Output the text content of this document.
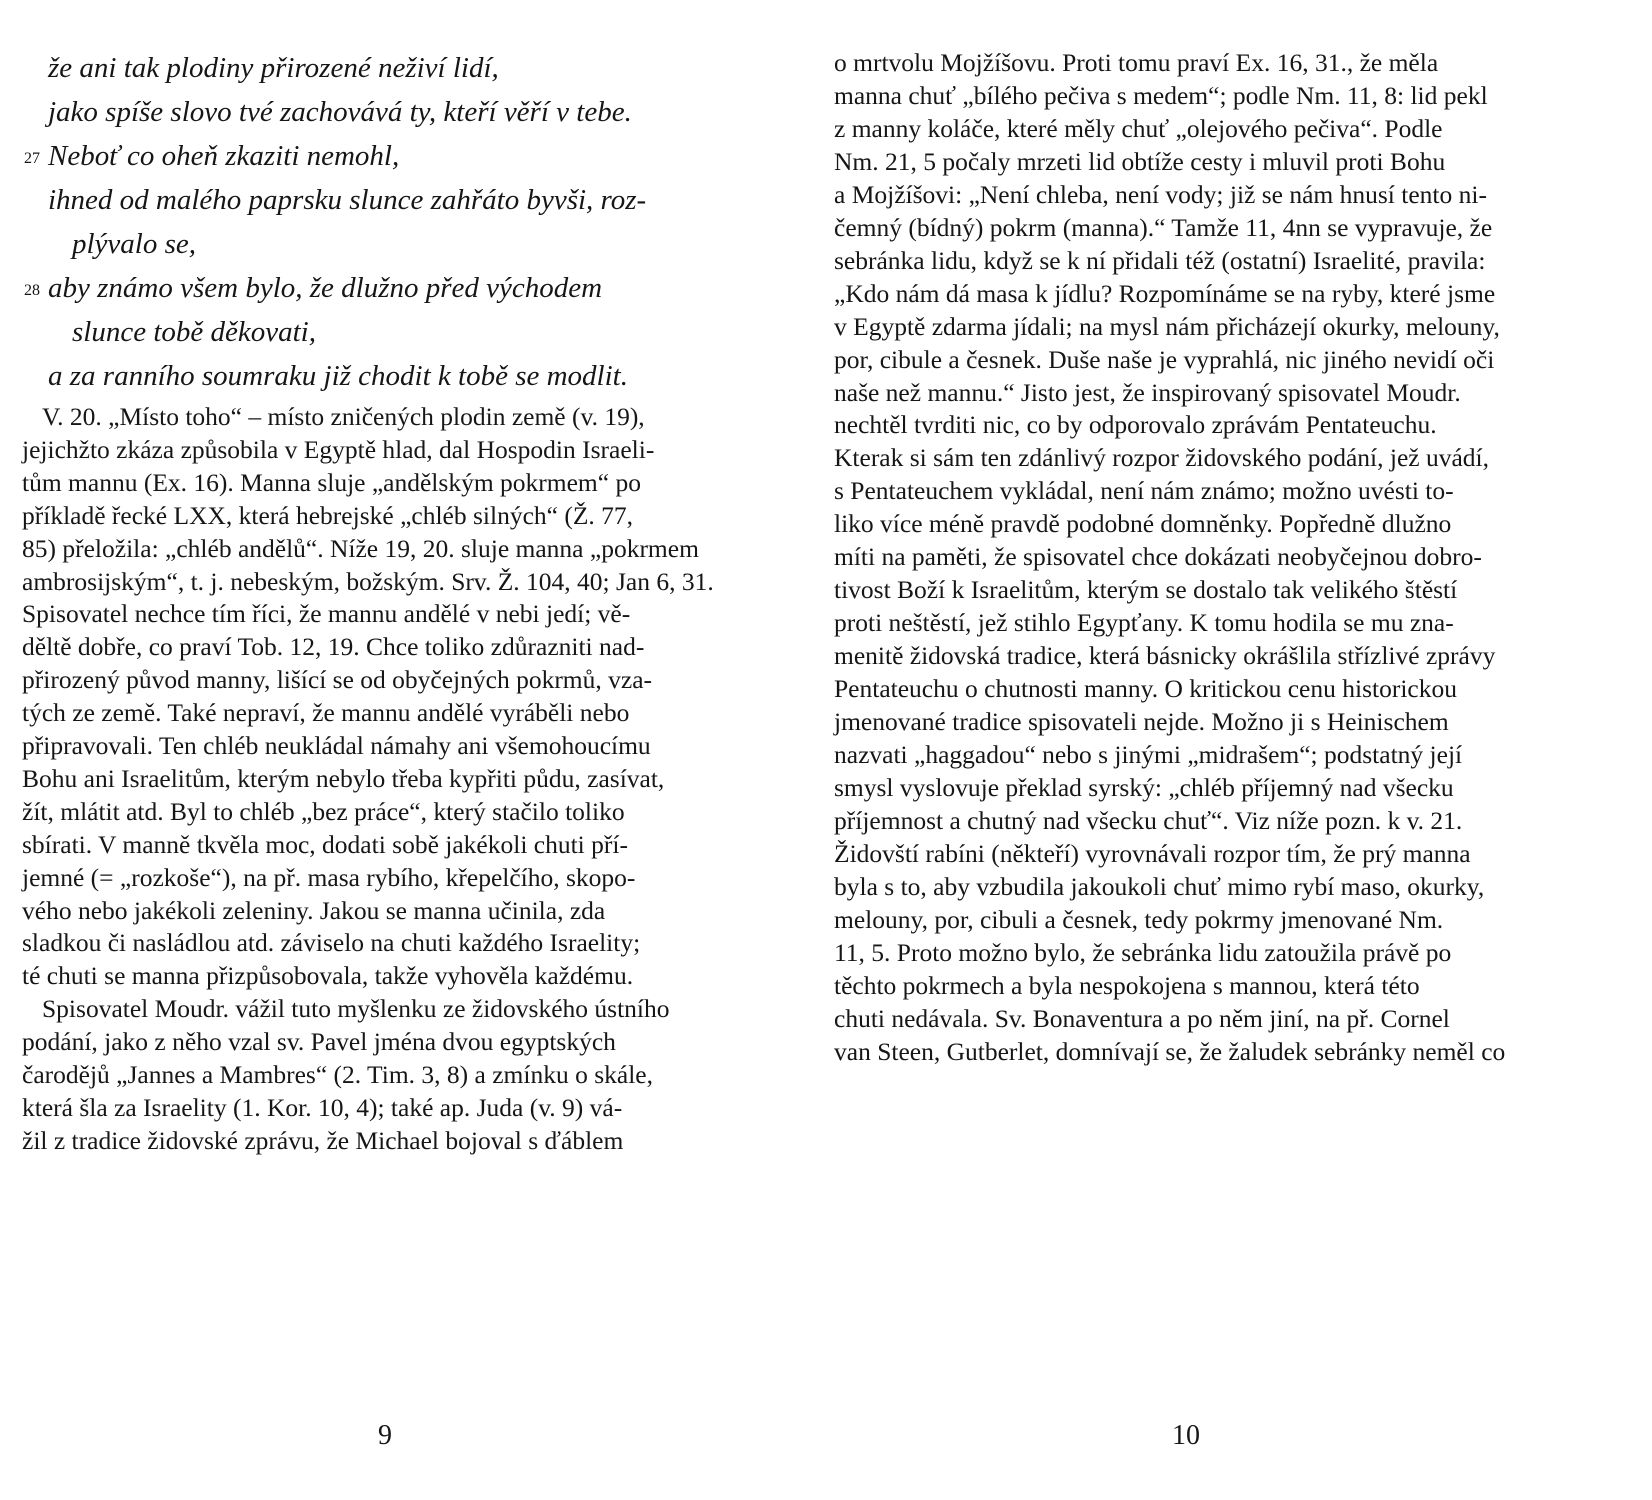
že ani tak plodiny přirozené neživí lidí,
jako spíše slovo tvé zachovává ty, kteří věří v tebe.
27 Neboť co oheň zkaziti nemohl,
ihned od malého paprsku slunce zahřáto byvši, roz-
plývalo se,
28 aby známo všem bylo, že dlužno před východem
slunce tobě děkovati,
a za ranního soumraku již chodit k tobě se modlit.
V. 20. „Místo toho“ – místo zničených plodin země (v. 19),
jejichžto zkáza způsobila v Egyptě hlad, dal Hospodin Israeli-
tům mannu (Ex. 16). Manna sluje „andělským pokrmem“ po
příkladě řecké LXX, která hebrejské „chléb silných“ (Ž. 77,
85) přeložila: „chléb andělů“. Níže 19, 20. sluje manna „pokrmem
ambrosijským“, t. j. nebeským, božským. Srv. Ž. 104, 40; Jan 6, 31.
Spisovatel nechce tím říci, že mannu andělé v nebi jedí; vě-
děltě dobře, co praví Tob. 12, 19. Chce toliko zdůrazniti nad-
přirozený původ manny, lišící se od obyčejných pokrmů, vza-
tých ze země. Také nepraví, že mannu andělé vyráběli nebo
připravovali. Ten chléb neukládal námahy ani všemohoucímu
Bohu ani Israelitům, kterým nebylo třeba kypřiti půdu, zasívat,
žít, mlátit atd. Byl to chléb „bez práce“, který stačilo toliko
sbírati. V manně tkvěla moc, dodati sobě jakékoli chuti pří-
jemné (= „rozkoše“), na př. masa rybího, křepelčího, skopo-
vého nebo jakékoli zeleniny. Jakou se manna učinila, zda
sladkou či nasládlou atd. záviselo na chuti každého Israelity;
té chuti se manna přizpůsobovala, takže vyhověla každému.
Spisovatel Moudr. vážil tuto myšlenku ze židovského ústního
podání, jako z něho vzal sv. Pavel jména dvou egyptských
čarodějů „Jannes a Mambres“ (2. Tim. 3, 8) a zmínku o skále,
která šla za Israelity (1. Kor. 10, 4); také ap. Juda (v. 9) vá-
žil z tradice židovské zprávu, že Michael bojoval s ďáblem
9
o mrtvolu Mojžíšovu. Proti tomu praví Ex. 16, 31., že měla
manna chuť „bílého pečiva s medem“; podle Nm. 11, 8: lid pekl
z manny koláče, které měly chuť „olejového pečiva“. Podle
Nm. 21, 5 počaly mrzeti lid obtíže cesty i mluvil proti Bohu
a Mojžíšovi: „Není chleba, není vody; již se nám hnusí tento ni-
čemný (bídný) pokrm (manna).“ Tamže 11, 4nn se vypravuje, že
sebránka lidu, když se k ní přidali též (ostatní) Israelité, pravila:
„Kdo nám dá masa k jídlu? Rozpomínáme se na ryby, které jsme
v Egyptě zdarma jídali; na mysl nám přicházejí okurky, melouny,
por, cibule a česnek. Duše naše je vyprahlá, nic jiného nevidí oči
naše než mannu.“ Jisto jest, že inspirovaný spisovatel Moudr.
nechtěl tvrditi nic, co by odporovalo zprávám Pentateuchu.
Kterak si sám ten zdánlivý rozpor židovského podání, jež uvádí,
s Pentateuchem vykládal, není nám známo; možno uvésti to-
liko více méně pravdě podobné domněnky. Popředně dlužno
míti na paměti, že spisovatel chce dokázati neobyčejnou dobro-
tivost Boží k Israelitům, kterým se dostalo tak velikého štěstí
proti neštěstí, jež stihlo Egypťany. K tomu hodila se mu zna-
menitě židovská tradice, která básnicky okrášlila střízlivé zprávy
Pentateuchu o chutnosti manny. O kritickou cenu historickou
jmenované tradice spisovateli nejde. Možno ji s Heinischem
nazvati „haggadou“ nebo s jinými „midrašem“; podstatný její
smysl vyslovuje překlad syrský: „chléb příjemný nad všecku
příjemnost a chutný nad všecku chuť“. Viz níže pozn. k v. 21.
Židovští rabíni (někteří) vyrovnávali rozpor tím, že prý manna
byla s to, aby vzbudila jakoukoli chuť mimo rybí maso, okurky,
melouny, por, cibuli a česnek, tedy pokrmy jmenované Nm.
11, 5. Proto možno bylo, že sebránka lidu zatoužila právě po
těchto pokrmech a byla nespokojena s mannou, která této
chuti nedávala. Sv. Bonaventura a po něm jiní, na př. Cornel
van Steen, Gutberlet, domnívají se, že žaludek sebránky neměl co
10
